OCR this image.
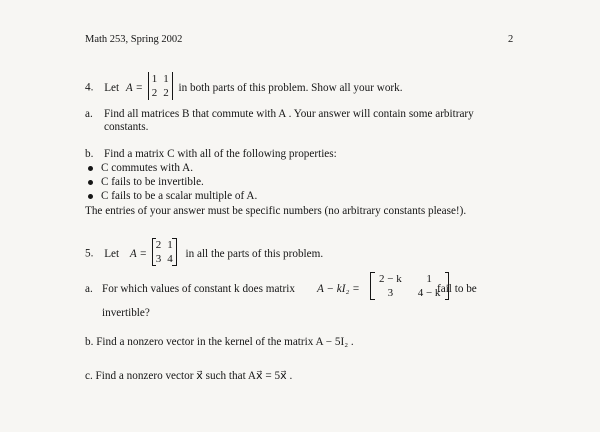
Math 253, Spring 2002	2
4. Let A =
1	1
2	2 in both parts of this problem. Show all your work.
a. Find all matrices B that commute with A . Your answer will contain some arbitrary
constants.
b. Find a matrix C with all of the following properties:
C commutes with A.
C fails to be invertible.
C fails to be a scalar multiple of A.
The entries of your answer must be specific numbers (no arbitrary constants please!).
5. Let A =
2	1
3	4 in all the parts of this problem.
a. For which values of constant k does matrix A − kI₂ =
2 − k	1
3	4 − k

fail to be
invertible?
b. Find a nonzero vector in the kernel of the matrix A − 5I₂ .
c. Find a nonzero vector x⃗ such that Ax⃗ = 5x⃗ .
